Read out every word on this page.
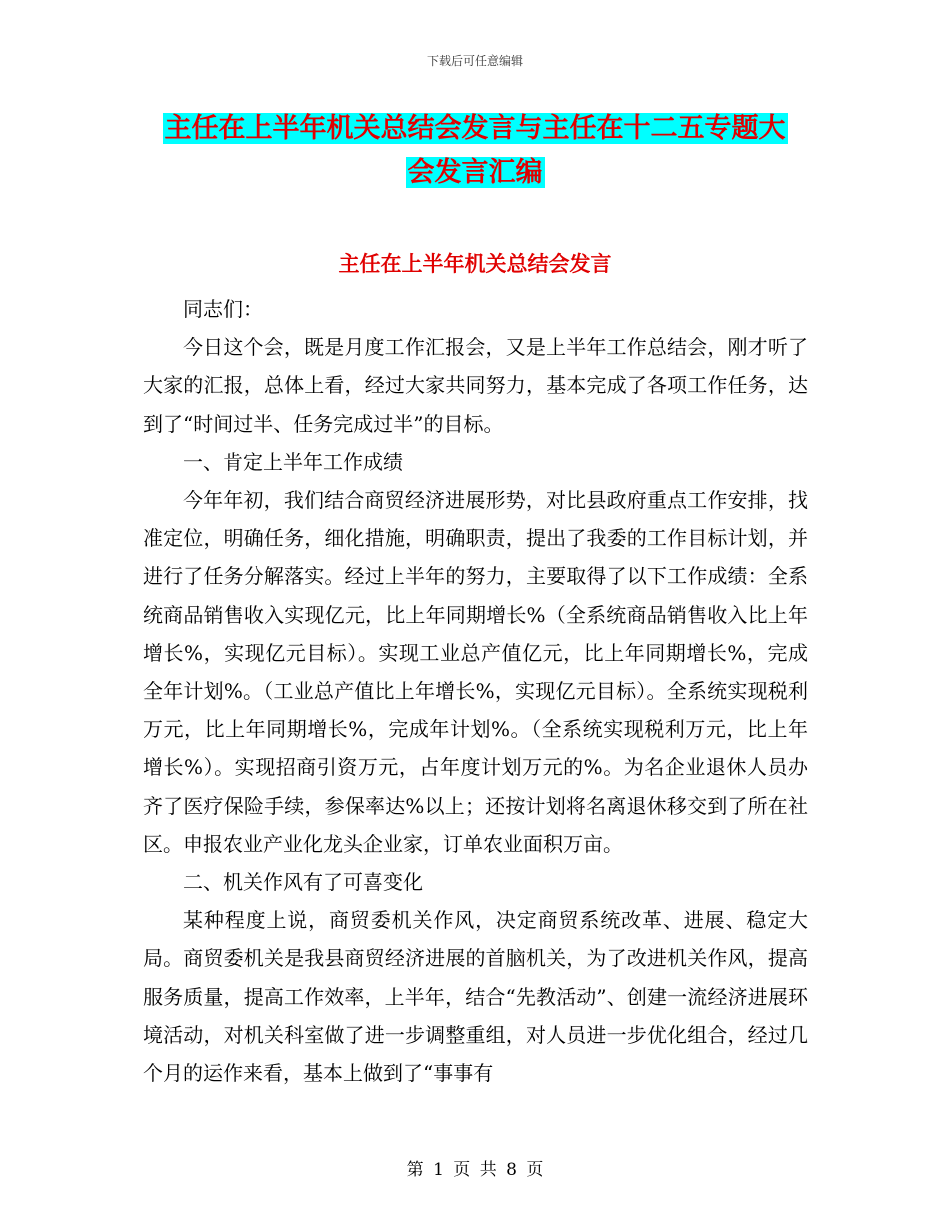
下载后可任意编辑
主任在上半年机关总结会发言与主任在十二五专题大
会发言汇编
主任在上半年机关总结会发言

同志们：

今日这个会，既是月度工作汇报会，又是上半年工作总结会，刚才听了大家的汇报，总体上看，经过大家共同努力，基本完成了各项工作任务，达到了“时间过半、任务完成过半”的目标。

一、肯定上半年工作成绩

今年年初，我们结合商贸经济进展形势，对比县政府重点工作安排，找准定位，明确任务，细化措施，明确职责，提出了我委的工作目标计划，并进行了任务分解落实。经过上半年的努力，主要取得了以下工作成绩：全系统商品销售收入实现亿元，比上年同期增长%（全系统商品销售收入比上年增长%，实现亿元目标）。实现工业总产值亿元，比上年同期增长%，完成全年计划%。（工业总产值比上年增长%，实现亿元目标）。全系统实现税利万元，比上年同期增长%，完成年计划%。（全系统实现税利万元，比上年增长%）。实现招商引资万元，占年度计划万元的%。为名企业退休人员办齐了医疗保险手续，参保率达%以上；还按计划将名离退休移交到了所在社区。申报农业产业化龙头企业家，订单农业面积万亩。

二、机关作风有了可喜变化

某种程度上说，商贸委机关作风，决定商贸系统改革、进展、稳定大局。商贸委机关是我县商贸经济进展的首脑机关，为了改进机关作风，提高服务质量，提高工作效率，上半年，结合“先教活动”、创建一流经济进展环境活动，对机关科室做了进一步调整重组，对人员进一步优化组合，经过几个月的运作来看，基本上做到了“事事有

第 1 页 共 8 页
